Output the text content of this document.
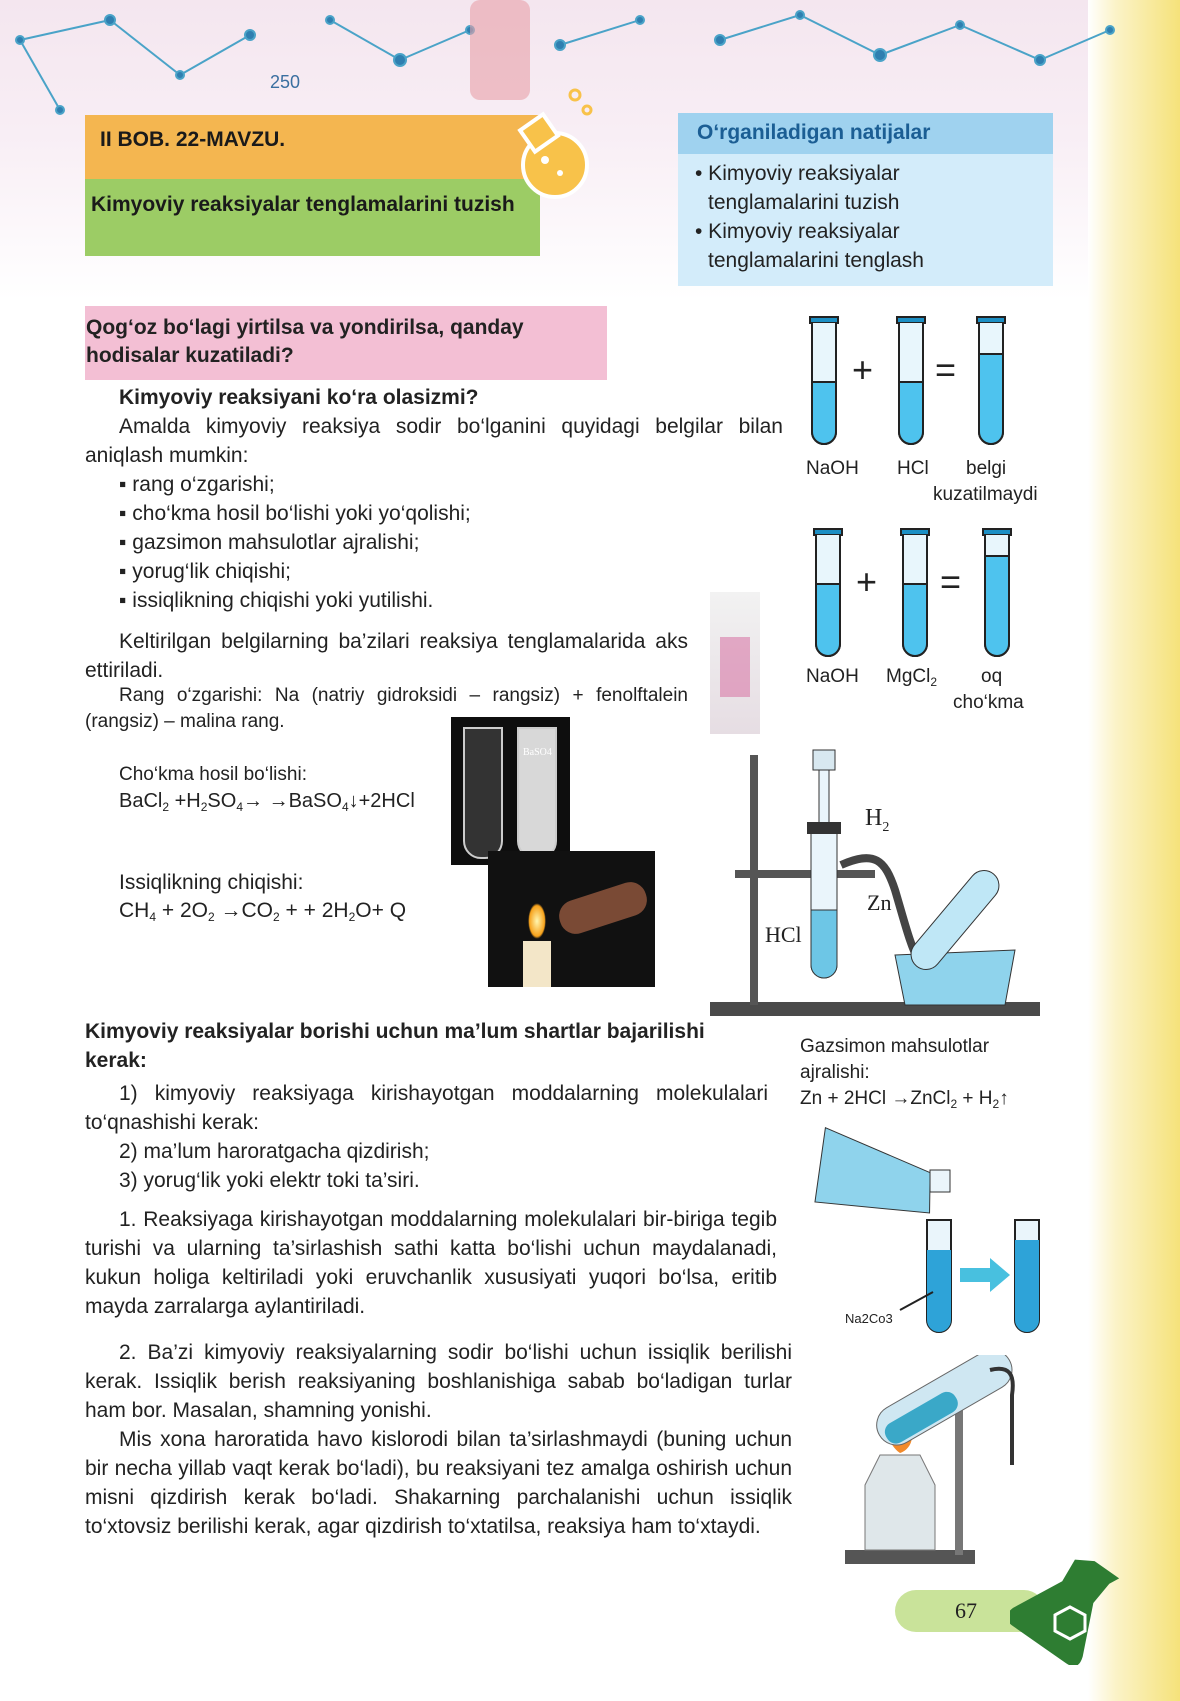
250
II BOB. 22-MAVZU.
Kimyoviy reaksiyalar tenglamalarini tuzish
O‘rganiladigan natijalar
• Kimyoviy reaksiyalar
tenglamalarini tuzish
• Kimyoviy reaksiyalar
tenglamalarini tenglash
Qog‘oz bo‘lagi yirtilsa va yondirilsa, qanday hodisalar kuzatiladi?
Kimyoviy reaksiyani ko‘ra olasizmi?
Amalda kimyoviy reaksiya sodir bo‘lganini quyidagi belgilar bilan aniqlash mumkin:
▪ rang o‘zgarishi;
▪ cho‘kma hosil bo‘lishi yoki yo‘qolishi;
▪ gazsimon mahsulotlar ajralishi;
▪ yorug‘lik chiqishi;
▪ issiqlikning chiqishi yoki yutilishi.
Keltirilgan belgilarning ba’zilari reaksiya tenglamalarida aks ettiriladi.
Rang o‘zgarishi: Na (natriy gidroksidi – rangsiz) + fenolftalein (rangsiz) – malina rang.
Cho‘kma hosil bo‘lishi:
BaCl$_2$ $+H_2SO_4\to$ →BaSO$_4$↓+2HCl
BaSO4
Issiqlikning chiqishi:
$CH_4 + 2O_2 \to CO_2$ + + $2H_2O+ Q$
+ =
NaOH HCl belgi
kuzatilmaydi
+ =
NaOH MgCl$_2$ oq
cho‘kma
$H_2$
Zn
HCl
Gazsimon mahsulotlar
ajralishi:
Zn + 2HCl →ZnCl$_2$ + $H_2↑$
Na2Co3
Kimyoviy reaksiyalar borishi uchun ma’lum shartlar bajarilishi kerak:
1) kimyoviy reaksiyaga kirishayotgan moddalarning molekulalari to‘qnashishi kerak:
2) ma’lum haroratgacha qizdirish;
3) yorug‘lik yoki elektr toki ta’siri.
1. Reaksiyaga kirishayotgan moddalarning molekulalari bir-biriga tegib turishi va ularning ta’sirlashish sathi katta bo‘lishi uchun maydalanadi, kukun holiga keltiriladi yoki eruvchanlik xususiyati yuqori bo‘lsa, eritib mayda zarralarga aylantiriladi.
2. Ba’zi kimyoviy reaksiyalarning sodir bo‘lishi uchun issiqlik berilishi kerak. Issiqlik berish reaksiyaning boshlanishiga sabab bo‘ladigan turlar ham bor. Masalan, shamning yonishi.
Mis xona haroratida havo kislorodi bilan ta’sirlashmaydi (buning uchun bir necha yillab vaqt kerak bo‘ladi), bu reaksiyani tez amalga oshirish uchun misni qizdirish kerak bo‘ladi. Shakarning parchalanishi uchun issiqlik to‘xtovsiz berilishi kerak, agar qizdirish to‘xtatilsa, reaksiya ham to‘xtaydi.
67
